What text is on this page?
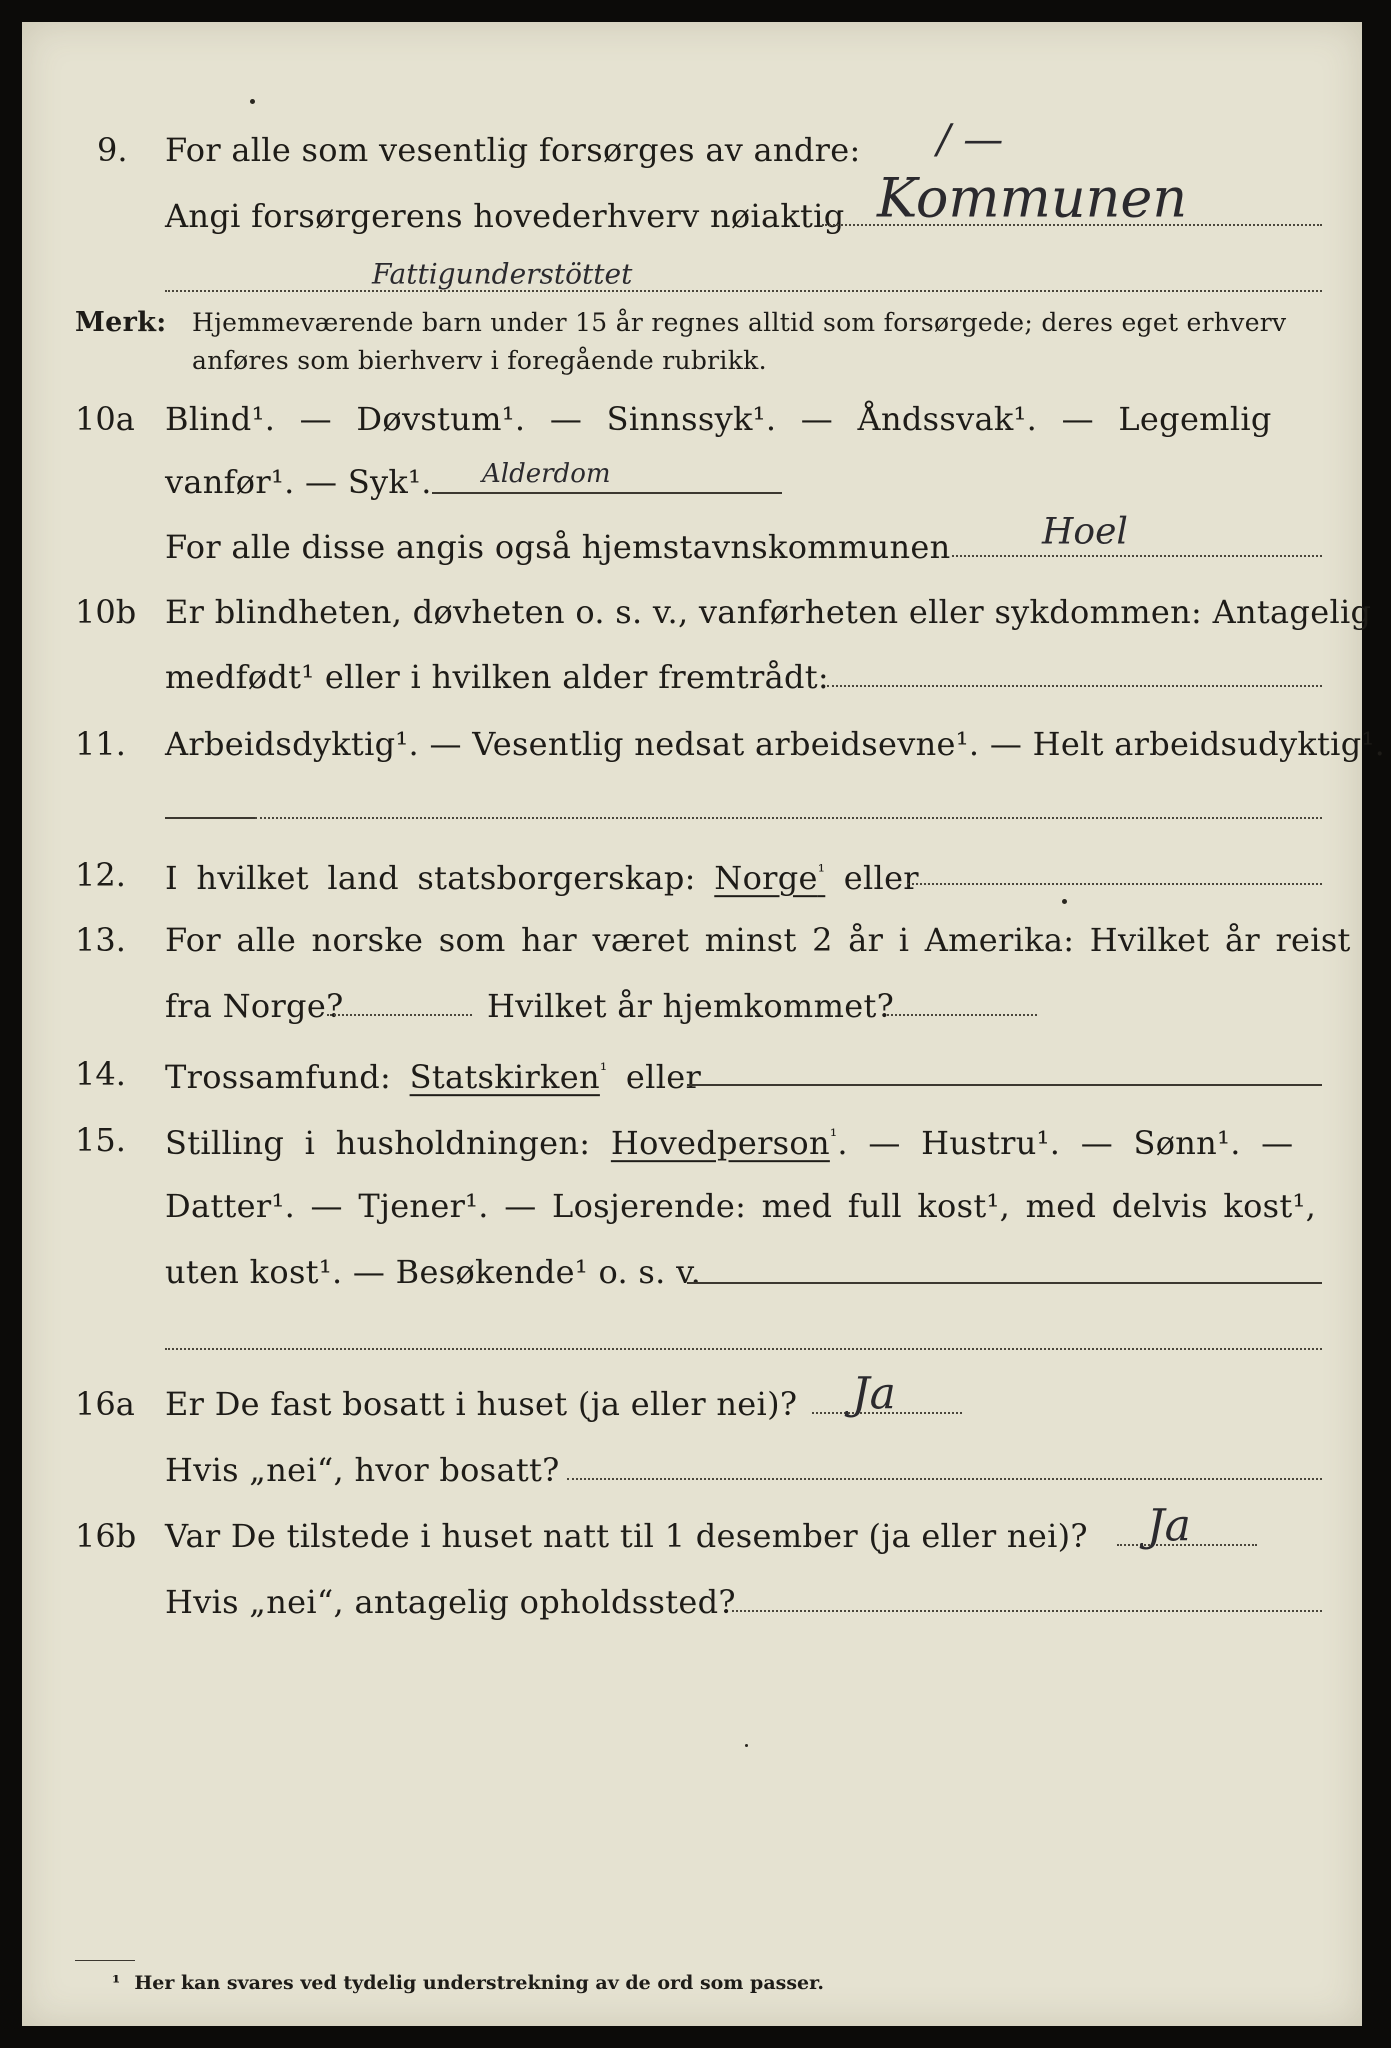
9. For alle som vesentlig forsørges av andre: / —
Angi forsørgerens hovederhverv nøiaktig Kommunen
Fattigunderstöttet
Merk: Hjemmeværende barn under 15 år regnes alltid som forsørgede; deres eget erhverv
anføres som bierhverv i foregående rubrikk.
10a Blind¹. — Døvstum¹. — Sinnssyk¹. — Åndssvak¹. — Legemlig
vanfør¹. — Syk¹. Alderdom
For alle disse angis også hjemstavnskommunen	Hoel
10b Er blindheten, døvheten o. s. v., vanførheten eller sykdommen: Antagelig
medfødt¹ eller i hvilken alder fremtrådt:
11. Arbeidsdyktig¹. — Vesentlig nedsat arbeidsevne¹. — Helt arbeidsudyktig¹.
12. I hvilket land statsborgerskap: Norge$^{^1}$ eller
13. For alle norske som har været minst 2 år i Amerika: Hvilket år reist
fra Norge?	Hvilket år hjemkommet?
14. Trossamfund: Statskirken$^{^1}$ eller
15. Stilling i husholdningen: Hovedperson$^{^1}$. — Hustru¹. — Sønn¹. —
Datter¹. — Tjener¹. — Losjerende: med full kost¹, med delvis kost¹,
uten kost¹. — Besøkende¹ o. s. v.
16a Er De fast bosatt i huset (ja eller nei)? Ja
Hvis „nei“, hvor bosatt?
16b Var De tilstede i huset natt til 1 desember (ja eller nei)? Ja
Hvis „nei“, antagelig opholdssted?
¹ Her kan svares ved tydelig understrekning av de ord som passer.
